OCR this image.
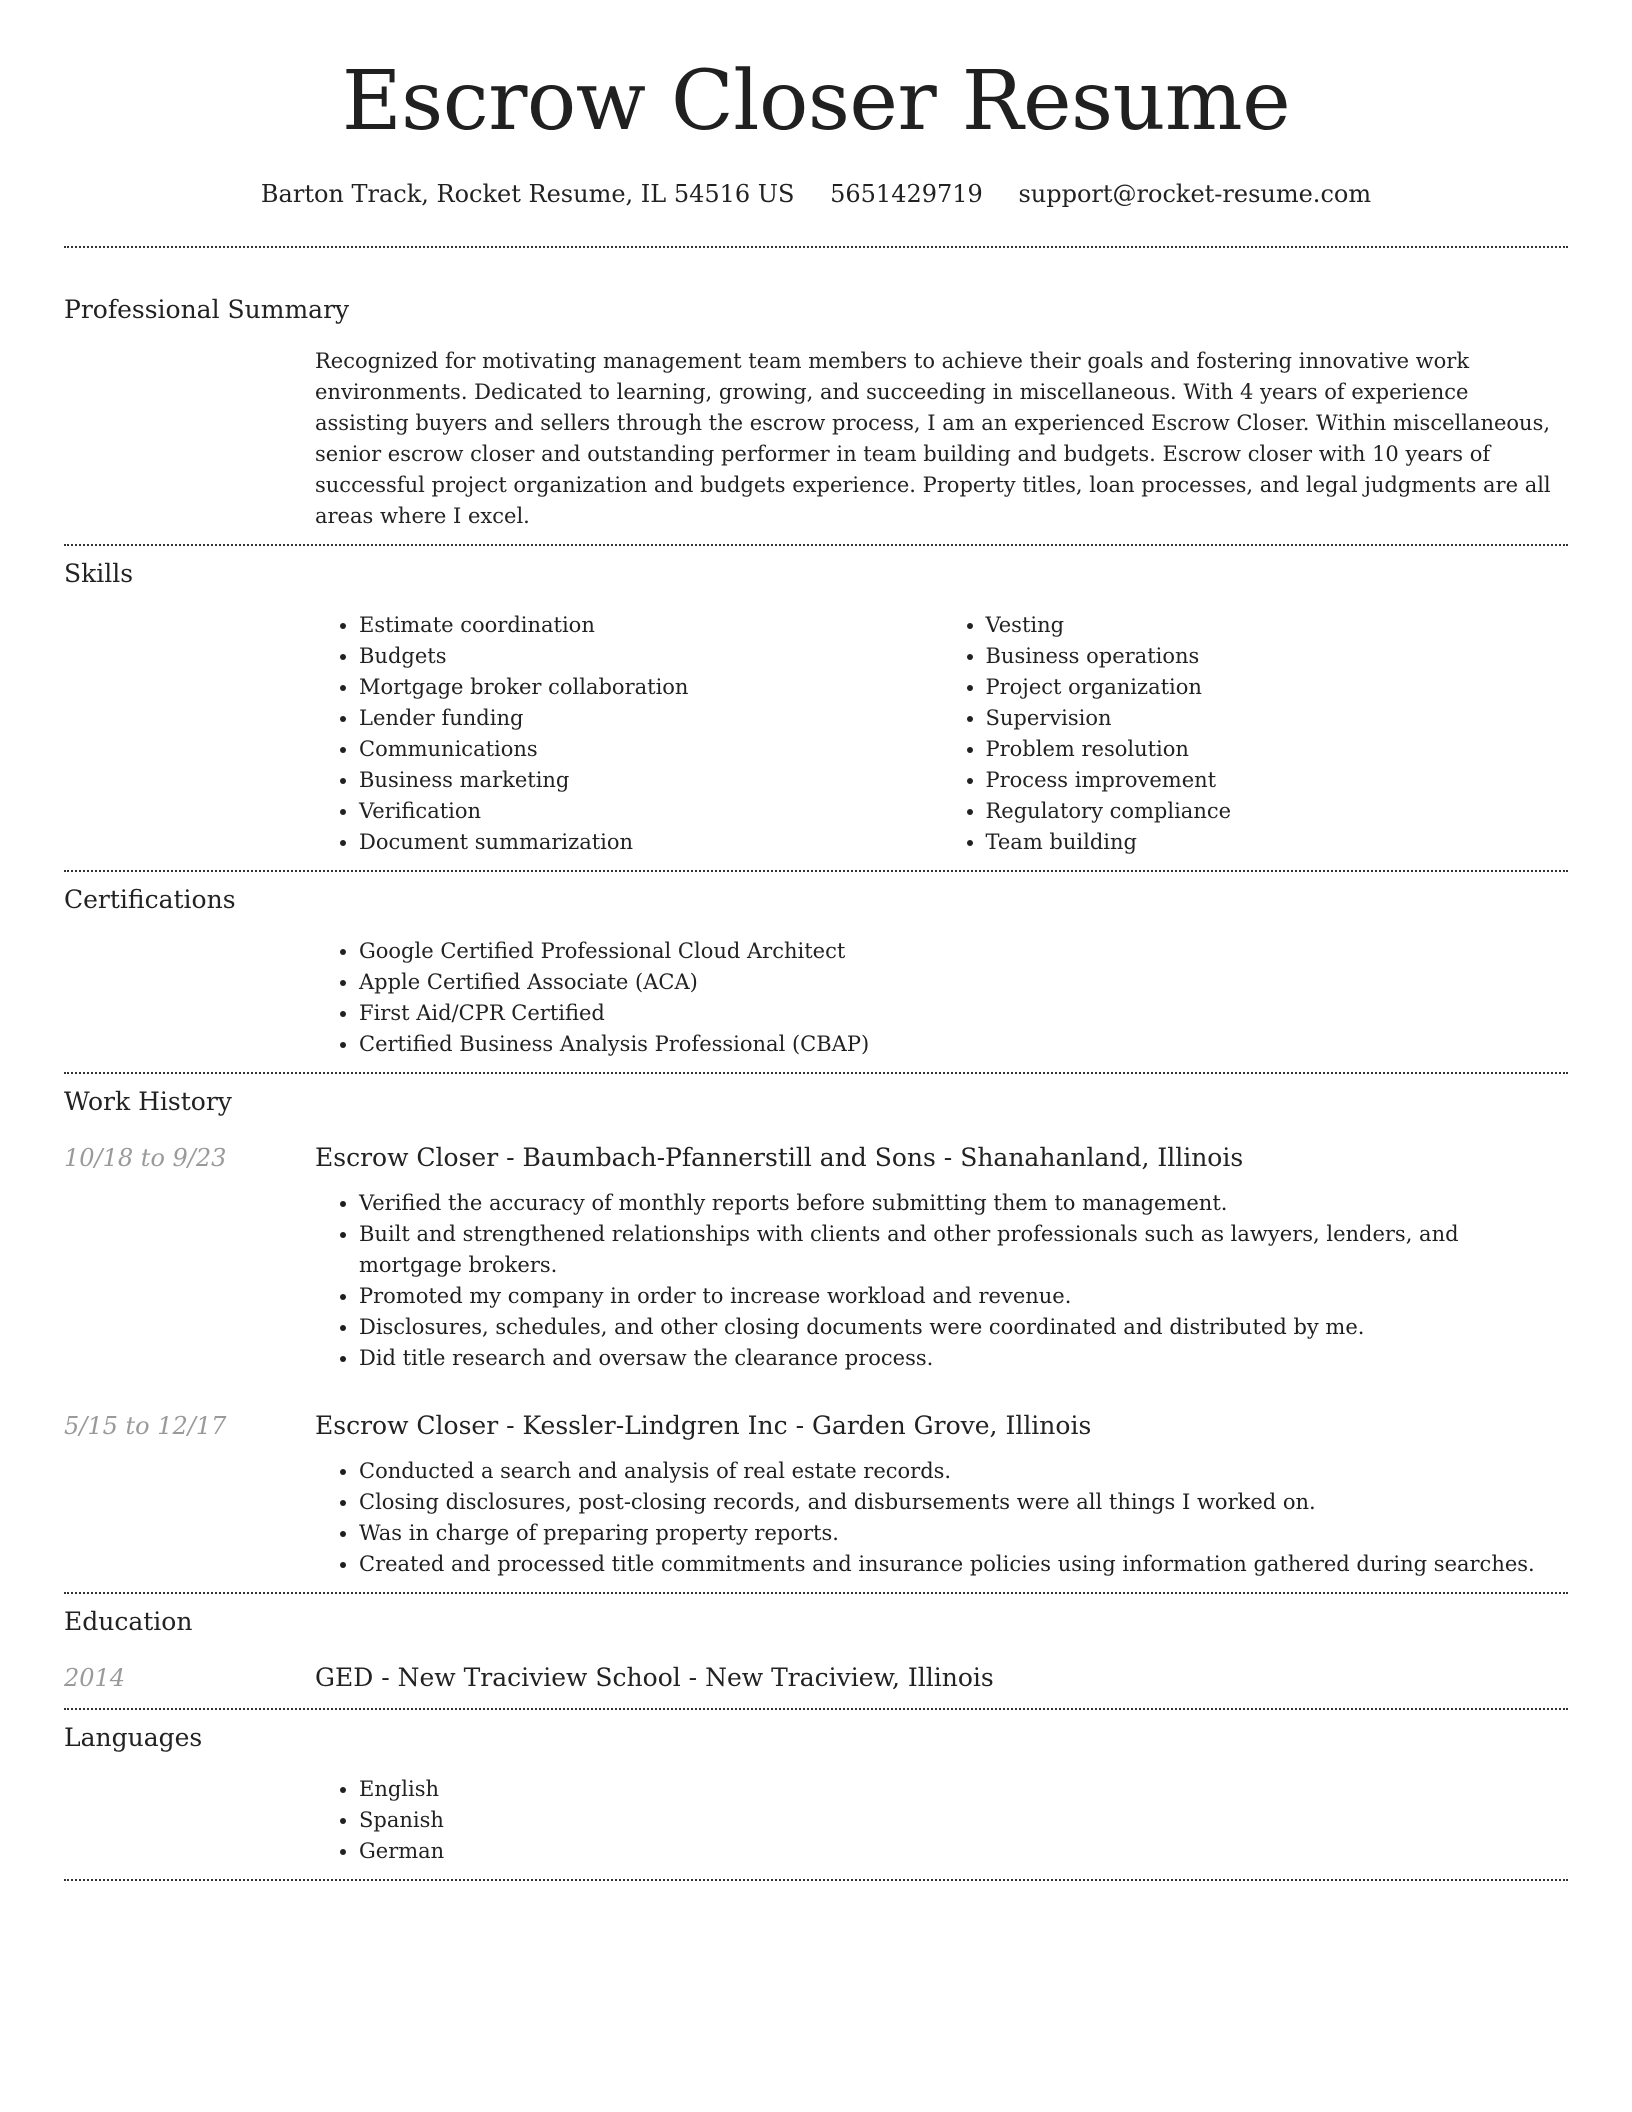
Escrow Closer Resume
Barton Track, Rocket Resume, IL 54516 US 5651429719 support@rocket-resume.com
Professional Summary

Recognized for motivating management team members to achieve their goals and fostering innovative work environments. Dedicated to learning, growing, and succeeding in miscellaneous. With 4 years of experience assisting buyers and sellers through the escrow process, I am an experienced Escrow Closer. Within miscellaneous, senior escrow closer and outstanding performer in team building and budgets. Escrow closer with 10 years of successful project organization and budgets experience. Property titles, loan processes, and legal judgments are all areas where I excel.

Skills
• Estimate coordination
• Budgets
• Mortgage broker collaboration
• Lender funding
• Communications
• Business marketing
• Verification
• Document summarization
• Vesting
• Business operations
• Project organization
• Supervision
• Problem resolution
• Process improvement
• Regulatory compliance
• Team building
Certifications
• Google Certified Professional Cloud Architect
• Apple Certified Associate (ACA)
• First Aid/CPR Certified
• Certified Business Analysis Professional (CBAP)
Work History
10/18 to 9/23	Escrow Closer - Baumbach-Pfannerstill and Sons - Shanahanland, Illinois
• Verified the accuracy of monthly reports before submitting them to management.
• Built and strengthened relationships with clients and other professionals such as lawyers, lenders, and mortgage brokers.
• Promoted my company in order to increase workload and revenue.
• Disclosures, schedules, and other closing documents were coordinated and distributed by me.
• Did title research and oversaw the clearance process.
5/15 to 12/17	Escrow Closer - Kessler-Lindgren Inc - Garden Grove, Illinois
• Conducted a search and analysis of real estate records.
• Closing disclosures, post-closing records, and disbursements were all things I worked on.
• Was in charge of preparing property reports.
• Created and processed title commitments and insurance policies using information gathered during searches.
Education
2014	GED - New Traciview School - New Traciview, Illinois
Languages
• English
• Spanish
• German
